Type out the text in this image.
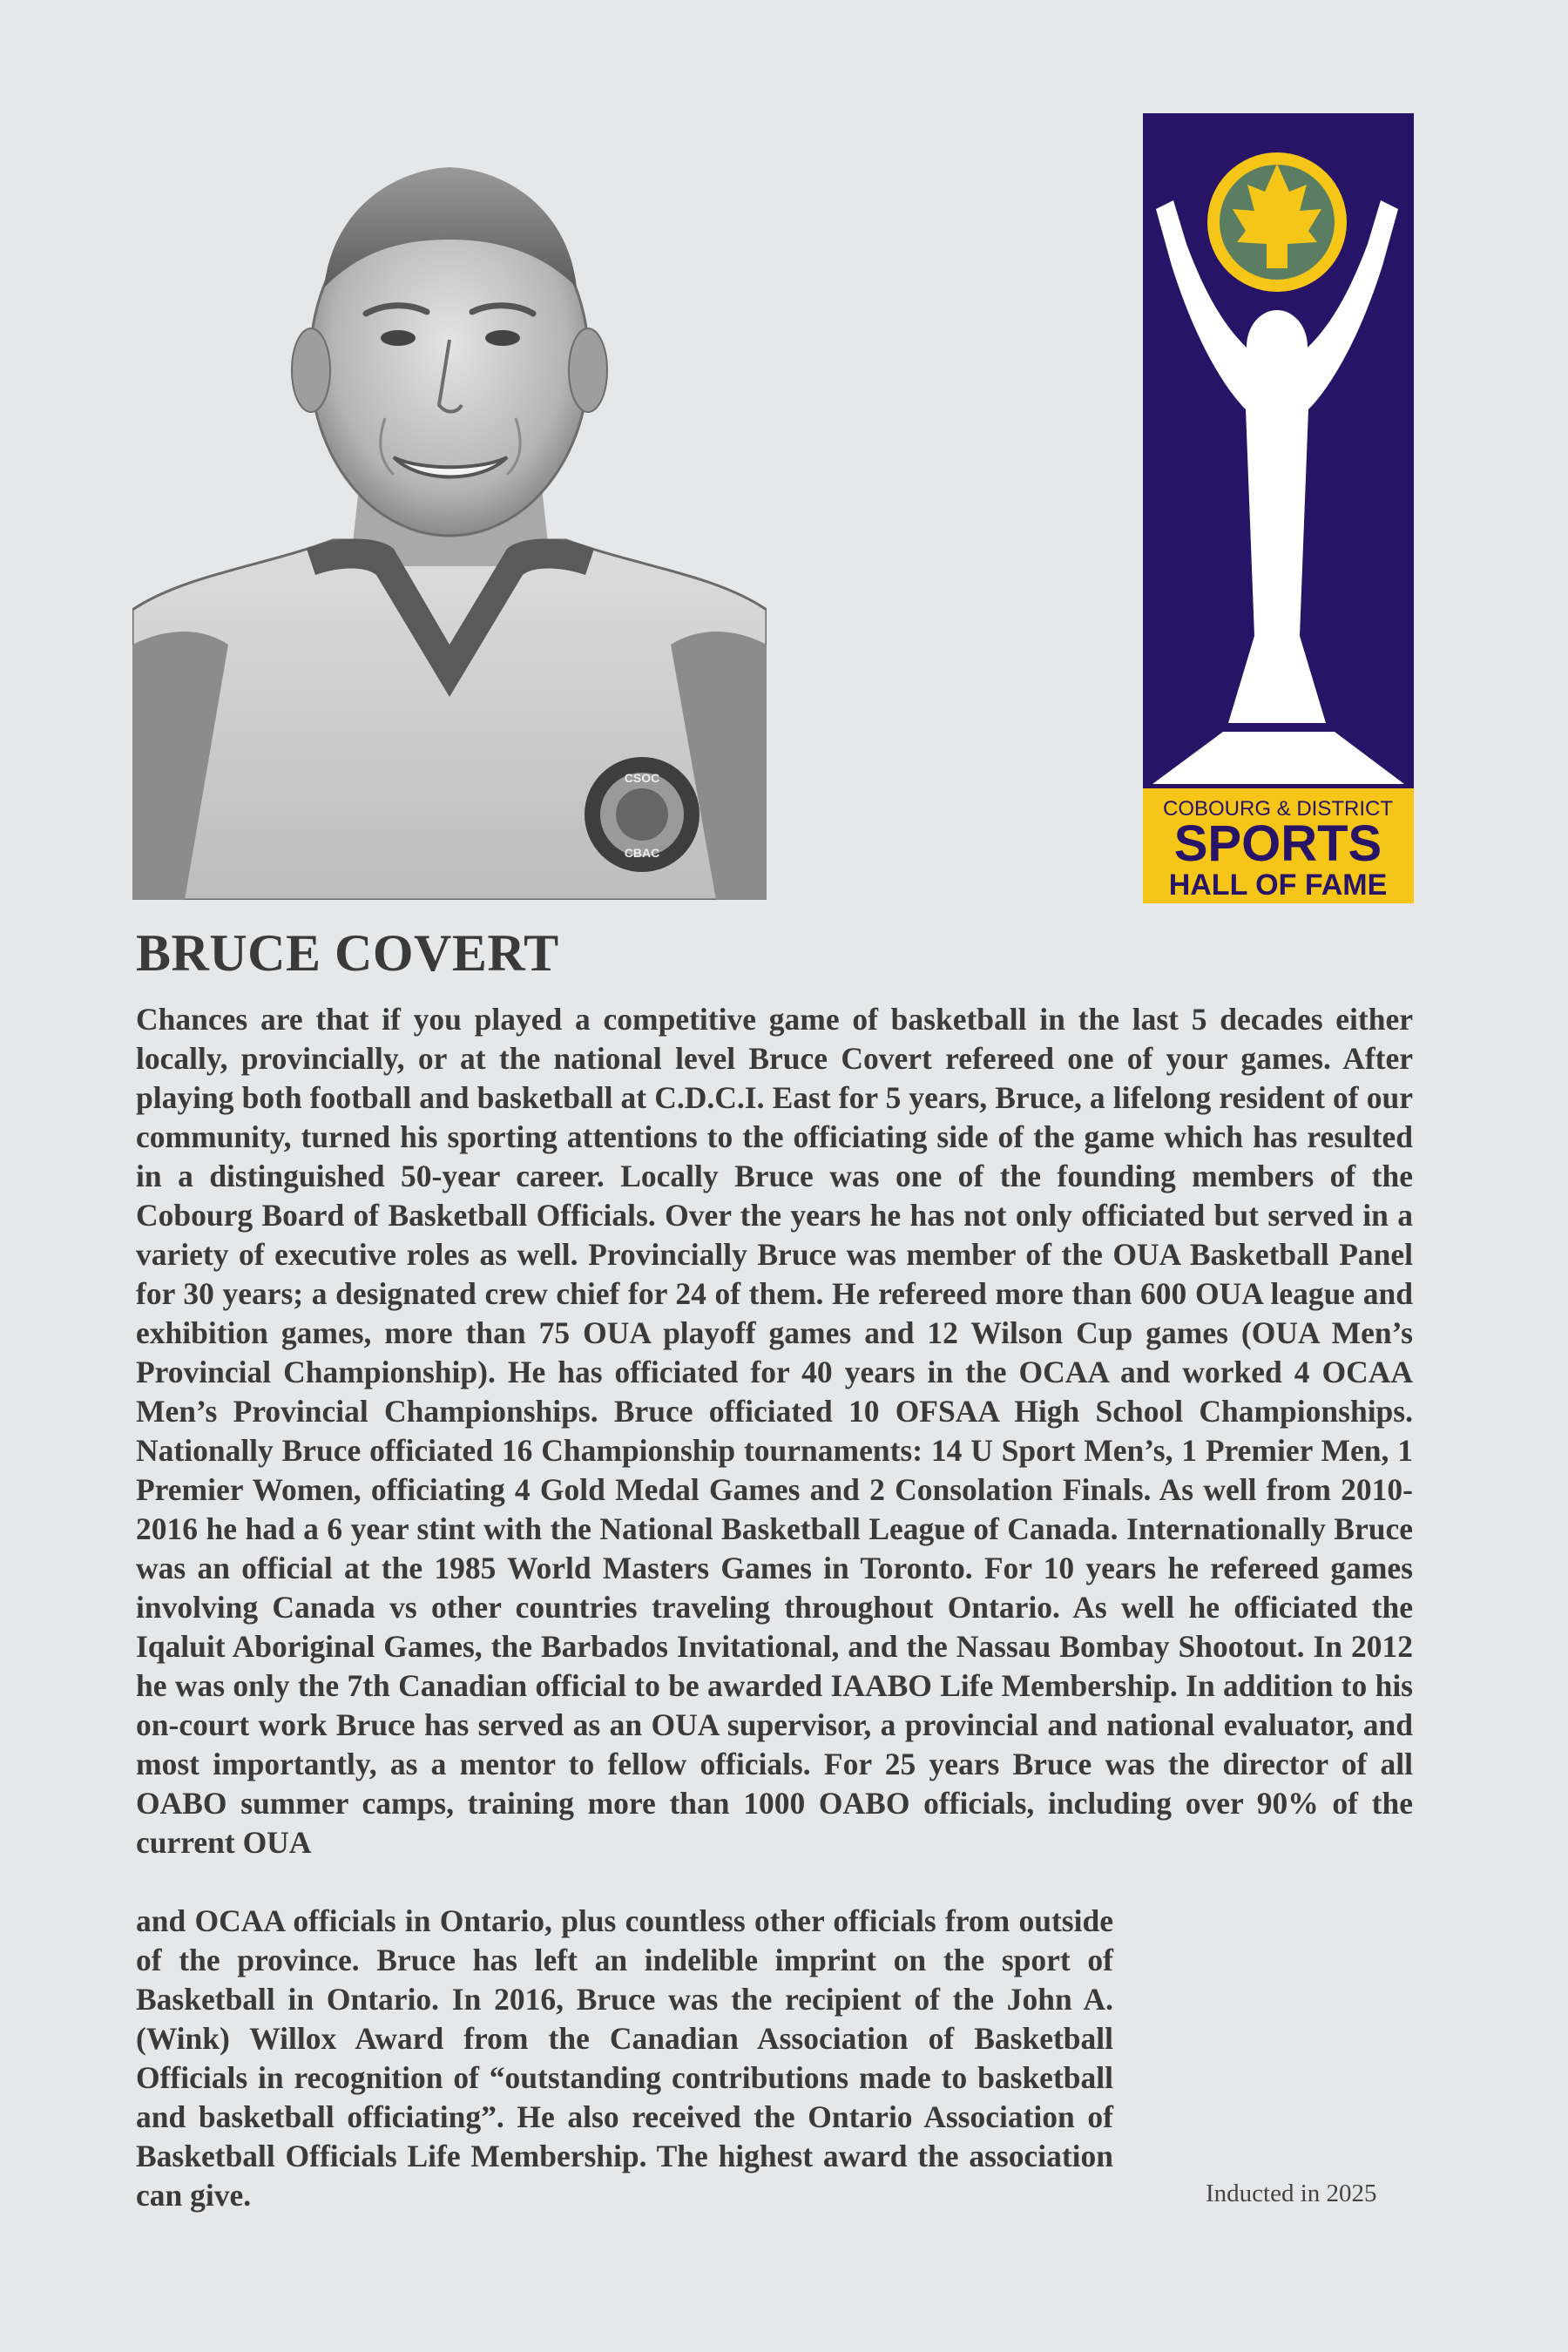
CSOC
CBAC
COBOURG & DISTRICT
SPORTS
HALL OF FAME
BRUCE COVERT

Chances are that if you played a competitive game of basketball in the last 5 decades either locally, provincially, or at the national level Bruce Covert refereed one of your games. After playing both football and basketball at C.D.C.I. East for 5 years, Bruce, a lifelong resident of our community, turned his sporting attentions to the officiating side of the game which has resulted in a distinguished 50-year career. Locally Bruce was one of the founding members of the Cobourg Board of Basketball Officials. Over the years he has not only officiated but served in a variety of executive roles as well. Provincially Bruce was member of the OUA Basketball Panel for 30 years; a designated crew chief for 24 of them. He refereed more than 600 OUA league and exhibition games, more than 75 OUA playoff games and 12 Wilson Cup games (OUA Men’s Provincial Championship). He has officiated for 40 years in the OCAA and worked 4 OCAA Men’s Provincial Championships. Bruce officiated 10 OFSAA High School Championships. Nationally Bruce officiated 16 Championship tournaments: 14 U Sport Men’s, 1 Premier Men, 1 Premier Women, officiating 4 Gold Medal Games and 2 Consolation Finals. As well from 2010-2016 he had a 6 year stint with the National Basketball League of Canada. Internationally Bruce was an official at the 1985 World Masters Games in Toronto. For 10 years he refereed games involving Canada vs other countries traveling throughout Ontario. As well he officiated the Iqaluit Aboriginal Games, the Barbados Invitational, and the Nassau Bombay Shootout. In 2012 he was only the 7th Canadian official to be awarded IAABO Life Membership. In addition to his on-court work Bruce has served as an OUA supervisor, a provincial and national evaluator, and most importantly, as a mentor to fellow officials. For 25 years Bruce was the director of all OABO summer camps, training more than 1000 OABO officials, including over 90% of the current OUA

and OCAA officials in Ontario, plus countless other officials from outside of the province. Bruce has left an indelible imprint on the sport of Basketball in Ontario. In 2016, Bruce was the recipient of the John A. (Wink) Willox Award from the Canadian Association of Basketball Officials in recognition of “outstanding contributions made to basketball and basketball officiating”. He also received the Ontario Association of Basketball Officials Life Membership. The highest award the association can give.	Inducted in 2025
